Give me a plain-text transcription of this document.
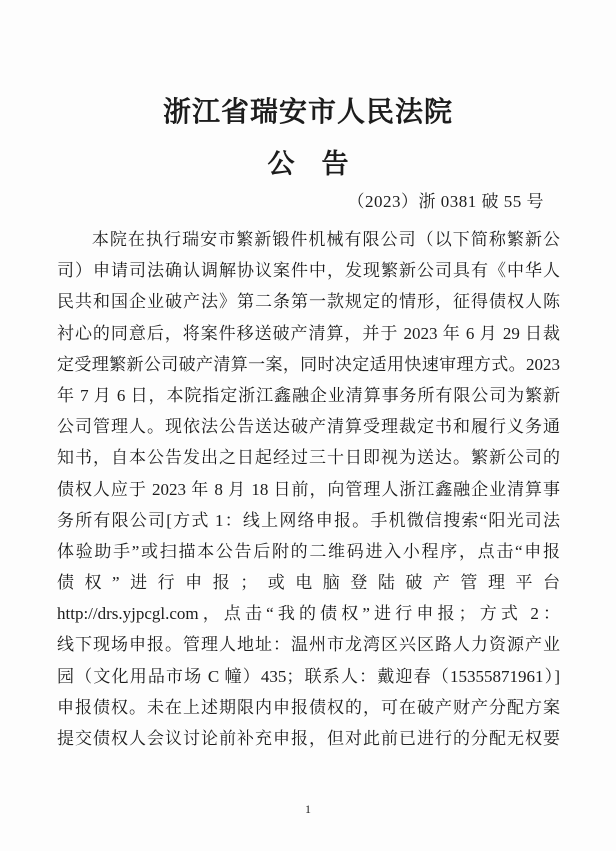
浙江省瑞安市人民法院
公　告
（2023）浙 0381 破 55 号
本院在执行瑞安市繁新锻件机械有限公司（以下简称繁新公
司）申请司法确认调解协议案件中，发现繁新公司具有《中华人
民共和国企业破产法》第二条第一款规定的情形，征得债权人陈
衬心的同意后，将案件移送破产清算，并于 2023 年 6 月 29 日裁
定受理繁新公司破产清算一案，同时决定适用快速审理方式。2023
年 7 月 6 日，本院指定浙江鑫融企业清算事务所有限公司为繁新
公司管理人。现依法公告送达破产清算受理裁定书和履行义务通
知书，自本公告发出之日起经过三十日即视为送达。繁新公司的
债权人应于 2023 年 8 月 18 日前，向管理人浙江鑫融企业清算事
务所有限公司[方式 1：线上网络申报。手机微信搜索“阳光司法
体验助手”或扫描本公告后附的二维码进入小程序，点击“申报
债权”进行申报；或电脑登陆破产管理平台
http://drs.yjpcgl.com，点击“我的债权”进行申报；方式 2：
线下现场申报。管理人地址：温州市龙湾区兴区路人力资源产业
园（文化用品市场 C 幢）435；联系人：戴迎春（15355871961）]
申报债权。未在上述期限内申报债权的，可在破产财产分配方案
提交债权人会议讨论前补充申报，但对此前已进行的分配无权要
1
